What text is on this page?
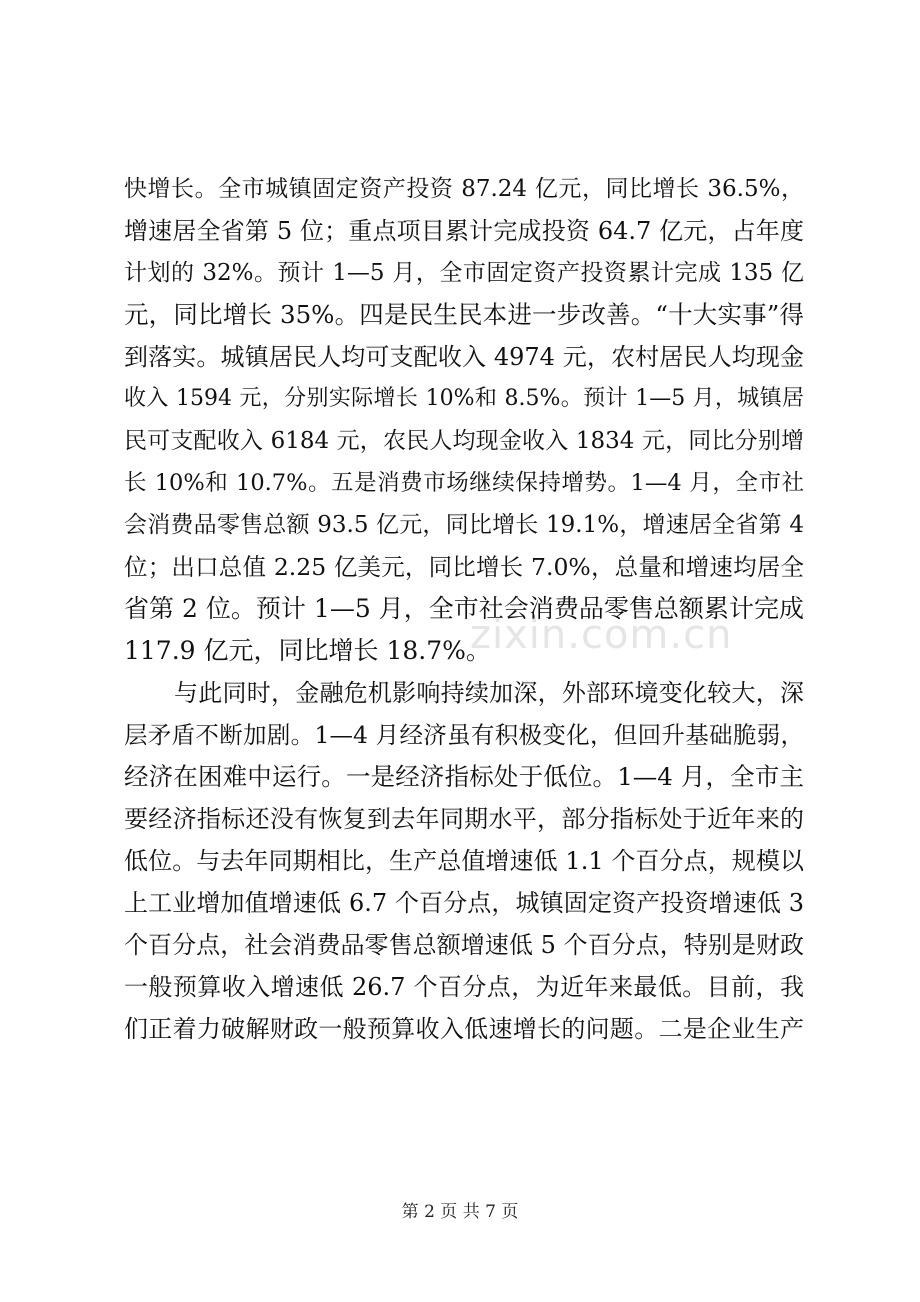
快增长。全市城镇固定资产投资 87.24 亿元，同比增长 36.5%，
增速居全省第 5 位；重点项目累计完成投资 64.7 亿元，占年度
计划的 32%。预计 1—5 月，全市固定资产投资累计完成 135 亿
元，同比增长 35%。四是民生民本进一步改善。“十大实事”得
到落实。城镇居民人均可支配收入 4974 元，农村居民人均现金
收入 1594 元，分别实际增长 10%和 8.5%。预计 1—5 月，城镇居
民可支配收入 6184 元，农民人均现金收入 1834 元，同比分别增
长 10%和 10.7%。五是消费市场继续保持增势。1—4 月，全市社
会消费品零售总额 93.5 亿元，同比增长 19.1%，增速居全省第 4
位；出口总值 2.25 亿美元，同比增长 7.0%，总量和增速均居全
省第 2 位。预计 1—5 月，全市社会消费品零售总额累计完成
117.9 亿元，同比增长 18.7%。
与此同时，金融危机影响持续加深，外部环境变化较大，深
层矛盾不断加剧。1—4 月经济虽有积极变化，但回升基础脆弱，
经济在困难中运行。一是经济指标处于低位。1—4 月，全市主
要经济指标还没有恢复到去年同期水平，部分指标处于近年来的
低位。与去年同期相比，生产总值增速低 1.1 个百分点，规模以
上工业增加值增速低 6.7 个百分点，城镇固定资产投资增速低 3
个百分点，社会消费品零售总额增速低 5 个百分点，特别是财政
一般预算收入增速低 26.7 个百分点，为近年来最低。目前，我
们正着力破解财政一般预算收入低速增长的问题。二是企业生产
zixin.com.cn
第 2 页 共 7 页
